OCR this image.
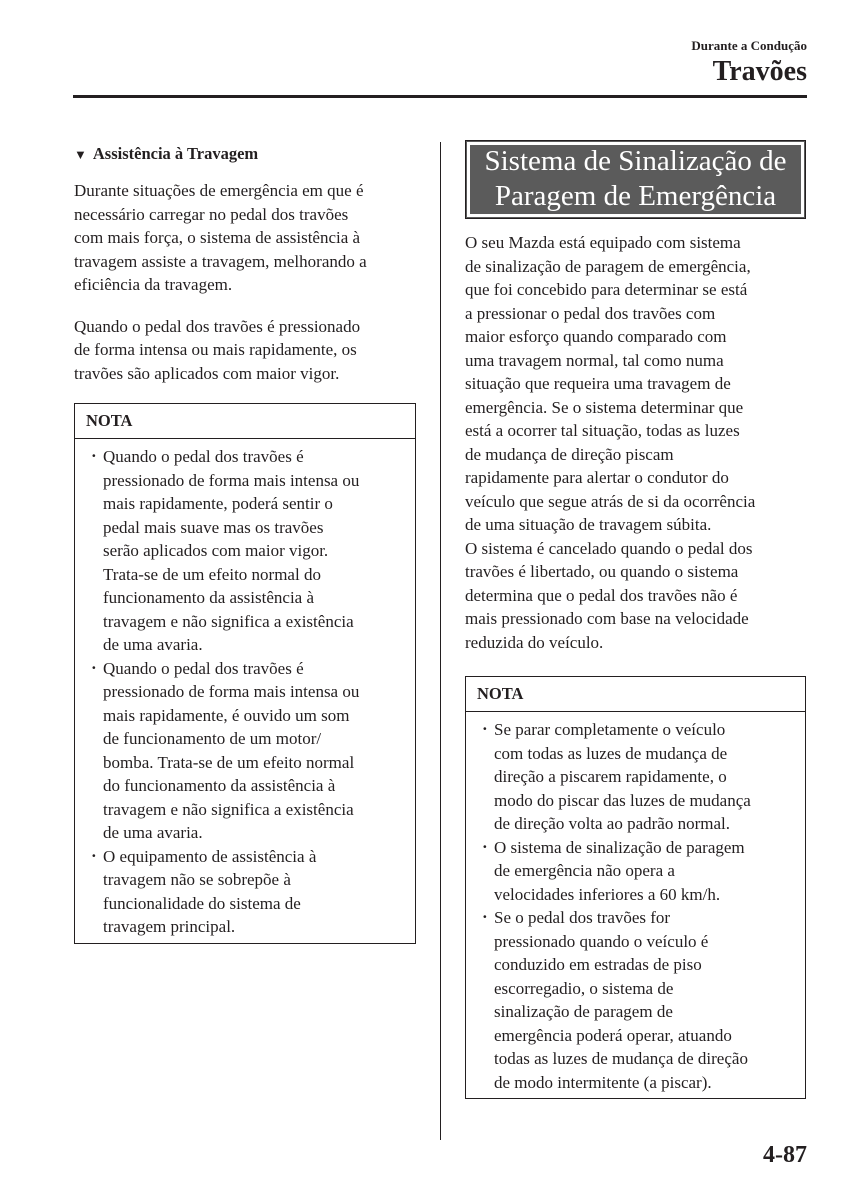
Durante a Condução
Travões
▼ Assistência à Travagem

Durante situações de emergência em que é
necessário carregar no pedal dos travões
com mais força, o sistema de assistência à
travagem assiste a travagem, melhorando a
eficiência da travagem.

Quando o pedal dos travões é pressionado
de forma intensa ou mais rapidamente, os
travões são aplicados com maior vigor.

NOTA
· Quando o pedal dos travões é
pressionado de forma mais intensa ou
mais rapidamente, poderá sentir o
pedal mais suave mas os travões
serão aplicados com maior vigor.
Trata-se de um efeito normal do
funcionamento da assistência à
travagem e não significa a existência
de uma avaria.
· Quando o pedal dos travões é
pressionado de forma mais intensa ou
mais rapidamente, é ouvido um som
de funcionamento de um motor/
bomba. Trata-se de um efeito normal
do funcionamento da assistência à
travagem e não significa a existência
de uma avaria.
· O equipamento de assistência à
travagem não se sobrepõe à
funcionalidade do sistema de
travagem principal.
Sistema de Sinalização de
Paragem de Emergência

O seu Mazda está equipado com sistema
de sinalização de paragem de emergência,
que foi concebido para determinar se está
a pressionar o pedal dos travões com
maior esforço quando comparado com
uma travagem normal, tal como numa
situação que requeira uma travagem de
emergência. Se o sistema determinar que
está a ocorrer tal situação, todas as luzes
de mudança de direção piscam
rapidamente para alertar o condutor do
veículo que segue atrás de si da ocorrência
de uma situação de travagem súbita.

O sistema é cancelado quando o pedal dos
travões é libertado, ou quando o sistema
determina que o pedal dos travões não é
mais pressionado com base na velocidade
reduzida do veículo.

NOTA
· Se parar completamente o veículo
com todas as luzes de mudança de
direção a piscarem rapidamente, o
modo do piscar das luzes de mudança
de direção volta ao padrão normal.
· O sistema de sinalização de paragem
de emergência não opera a
velocidades inferiores a 60 km/h.
· Se o pedal dos travões for
pressionado quando o veículo é
conduzido em estradas de piso
escorregadio, o sistema de
sinalização de paragem de
emergência poderá operar, atuando
todas as luzes de mudança de direção
de modo intermitente (a piscar).
4-87
